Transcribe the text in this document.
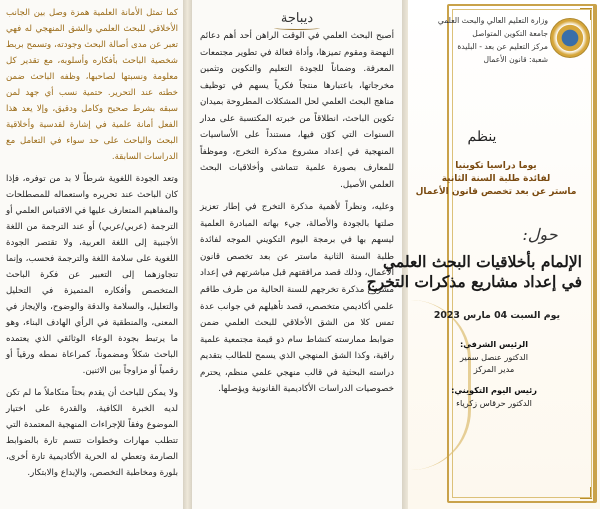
كما تمثل الأمانة العلمية همزة وصل بين الجانب الأخلاقي للبحث العلمي والشق المنهجي له فهي تعبر عن مدى أصالة البحث وجودته، وتسمح بربط شخصية الباحث بأفكاره وأسلوبه، مع تقدير كل معلومة ونسبتها لصاحبها، وظفه الباحث ضمن خطته عند التحرير. حتمية نسب أي جهد لمن سبقه بشرط صحيح وكامل ودقيق، وإلا يعد هذا الفعل أمانة علمية في إشارة لقدسية وأخلاقية البحث والباحث على حد سواء في التعامل مع الدراسات السابقة.

وتعد الجودة اللغوية شرطاً لا بد من توفره، فإذا كان الباحث عند تحريره واستعماله للمصطلحات والمفاهيم المتعارف عليها في الاقتباس العلمي أو الترجمة (عربي/عربي) أو عند الترجمة من اللغة الأجنبية إلى اللغة العربية، ولا تقتصر الجودة اللغوية على سلامة اللغة والترجمة فحسب، وإنما تتجاوزهما إلى التعبير عن فكرة الباحث المتخصص وأفكاره المتميزة في التحليل والتعليل، والسلامة والدقة والوضوح، والإيجاز في المعنى، والمنطقية في الرأي الهادف البناء، وهو ما يرتبط بجودة الوعاء الوثائقي الذي يعتمده الباحث شكلاً ومضموناً، كمراعاة نمطه ورقياً أو رقمياً أو مزاوجاً بين الاثنين.

ولا يمكن للباحث أن يقدم بحثاً متكاملاً ما لم تكن لديه الخبرة الكافية، والقدرة على اختيار الموضوع وفقاً للإجراءات المنهجية المعتمدة التي تتطلب مهارات وخطوات تتسم تارة بالضوابط الصارمة وتعطي له الحرية الأكاديمية تارة أخرى، بلورة ومخاطبة التخصص، والإبداع والابتكار.

ديباجة

أصبح البحث العلمي في الوقت الراهن أحد أهم دعائم النهضة ومقوم تميزها، وأداة فعالة في تطوير مجتمعات المعرفة. وضماناً للجودة التعليم والتكوين وتثمين مخرجاتها، باعتبارها منتجاً فكرياً يسهم في توظيف مناهج البحث العلمي لحل المشكلات المطروحة بميدان تكوين الباحث، انطلاقاً من خبرته المكتسبة على مدار السنوات التي كوّن فيها، مستنداً على الأساسيات المنهجية في إعداد مشروع مذكرة التخرج، وموظفاً للمعارف بصورة علمية تتماشى وأخلاقيات البحث العلمي الأصيل.

وعليه، ونظراً لأهمية مذكرة التخرج في إطار تعزيز صلتها بالجودة والأصالة، جيء بهاته المبادرة العلمية ليسهم بها في برمجة اليوم التكويني الموجه لفائدة طلبة السنة الثانية ماستر عن بعد تخصص قانون الأعمال، وذلك قصد مرافقتهم قبل مباشرتهم في إعداد مشروع مذكرة تخرجهم للسنة الحالية من طرف طاقم علمي أكاديمي متخصص، قصد تأهيلهم في جوانب عدة تمس كلا من الشق الأخلاقي للبحث العلمي ضمن ضوابط ممارسته كنشاط سام ذو قيمة مجتمعية علمية راقية، وكذا الشق المنهجي الذي يسمح للطالب بتقديم دراسته البحثية في قالب منهجي علمي منظم، يحترم خصوصيات الدراسات الأكاديمية القانونية ويؤصلها.

وزارة التعليم العالي والبحث العلمي
جامعة التكوين المتواصل
مركز التعليم عن بعد - البليدة
شعبة: قانون الأعمال
ينظم
يوما دراسيا تكوينيا
لفائدة طلبة السنة الثانية
ماستر عن بعد تخصص قانون الأعمال
حول:
الإلمام بأخلاقيات البحث العلمي
في إعداد مشاريع مذكرات التخرج
يوم السبت 04 مارس 2023
الرئيس الشرفي:
الدكتور عنصل سمير
مدير المركز
رئيس اليوم التكويني:
الدكتور حرقاس زكرياء
